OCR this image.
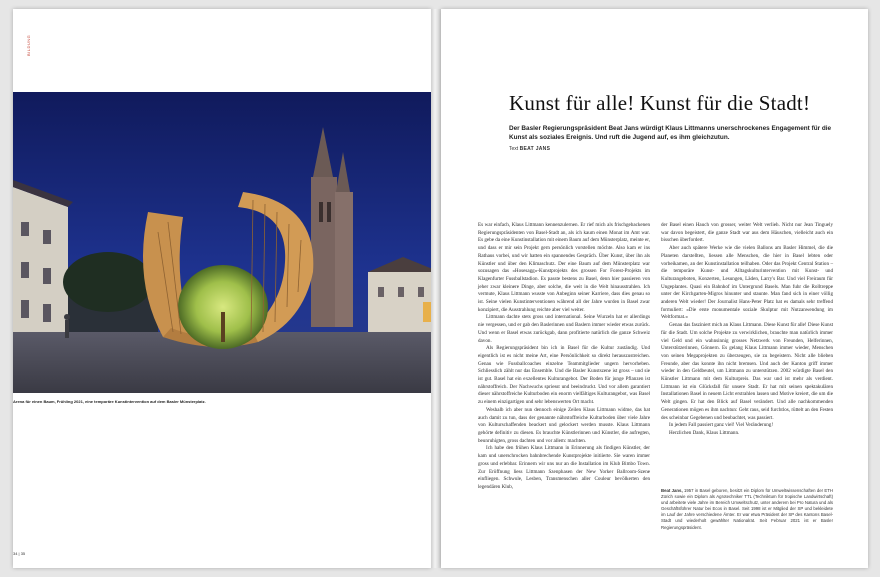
BILDUNG
Arena für einen Baum, Frühling 2021, eine temporäre Kunstintervention auf dem Basler Münsterplatz.
34 | 35
Kunst für alle! Kunst für die Stadt!
Der Basler Regierungspräsident Beat Jans würdigt Klaus Littmanns unerschrockenes Engagement für die Kunst als soziales Ereignis. Und ruft die Jugend auf, es ihm gleichzutun.
Text BEAT JANS

Es war einfach, Klaus Littmann kennenzulernen. Er rief mich als frischgebackenen Regierungspräsidenten von Basel-Stadt an, als ich kaum einen Monat im Amt war. Es gebe da eine Kunstinstallation mit einem Baum auf dem Münsterplatz, meinte er, und dass er mir sein Projekt gern persönlich vorstellen möchte. Also kam er ins Rathaus vorbei, und wir hatten ein spannendes Gespräch. Über Kunst, über ihn als Künstler und über den Klimaschutz. Der eine Baum auf dem Münsterplatz war sozusagen das «Hosesagg»-Kunstprojekts des grossen For Forest-Projekts im Klagenfurter Fussballstadion. Es passte bestens zu Basel, denn hier passieren von jeher zwar kleinere Dinge, aber solche, die weit in die Welt hinausstrahlen. Ich vermute, Klaus Littmann wusste von Anbeginn seiner Karriere, dass dies genau so ist. Seine vielen Kunstinterventionen während all der Jahre wurden in Basel zwar konzipiert, die Ausstrahlung reichte aber viel weiter.

Littmann dachte stets gross und international. Seine Wurzeln hat er allerdings nie vergessen, und er gab den Baslerinnen und Baslern immer wieder etwas zurück. Und wenn er Basel etwas zurückgab, dann profitierte natürlich die ganze Schweiz davon.

Als Regierungspräsident bin ich in Basel für die Kultur zuständig. Und eigentlich ist es nicht meine Art, eine Persönlichkeit so direkt herauszustreichen. Genau wie Fussballcoaches einzelne Teammitglieder ungern hervorheben. Schliesslich zählt nur das Ensemble. Und die Basler Kunstszene ist gross – und sie ist gut. Basel hat ein exzellentes Kulturangebot. Der Boden für junge Pflanzen ist nährstoffreich. Der Nachwuchs spriesst und beeindruckt. Und vor allem garantiert dieser nährstoffreiche Kulturboden ein enorm vielfältiges Kulturangebot, was Basel zu einem einzigartigen und sehr lebenswerten Ort macht.

Weshalb ich aber nun dennoch einige Zeilen Klaus Littmann widme, das hat auch damit zu tun, dass der genannte nährstoffreiche Kulturboden über viele Jahre von Kulturschaffenden beackert und gelockert werden musste. Klaus Littmann gehörte definitiv zu diesen. Es brauchte Künstlerinnen und Künstler, die aufregten, beunruhigten, gross dachten und vor allem: machten.

Ich habe den frühen Klaus Littmann in Erinnerung als findigen Künstler, der kam und unerschrocken bahnbrechende Kunstprojekte initiierte. Sie waren immer gross und erlebbar. Erinnern wir uns nur an die Installation im Klub Bimbo Town. Zur Eröffnung liess Littmann Szenphasen der New Yorker Ballroom-Szene einfliegen. Schwule, Lesben, Transmenschen aller Couleur bevölkerten den legendären Klub,

der Basel einen Hauch von grosser, weiter Welt verlieh. Nicht nur Jean Tinguely war davon begeistert, die ganze Stadt war aus dem Häuschen, vielleicht auch ein bisschen überfordert.

Aber auch spätere Werke wie die vielen Ballons am Basler Himmel, die die Planeten darstellten, liessen alle Menschen, die hier in Basel lebten oder vorbeikamen, an der Kunstinstallation teilhaben. Oder das Projekt Central Station – die temporäre Kunst- und Alltagskulturintervention mit Kunst- und Kulturangeboten, Konzerten, Lesungen, Läden, Larry's Bar. Und viel Freiraum für Ungeplantes. Quasi ein Bahnhof im Untergrund Basels. Man fuhr die Rolltreppe unter der Kirchgarten-Migros hinunter und staunte. Man fand sich in einer völlig anderen Welt wieder! Der Journalist Hans-Peter Platz hat es damals sehr treffend formuliert: «Die erste monumentale soziale Skulptur mit Nutzanwendung im Weltformat.»

Genau das fasziniert mich an Klaus Littmann. Diese Kunst für alle! Diese Kunst für die Stadt. Um solche Projekte zu verwirklichen, brauchte man natürlich immer viel Geld und ein wahnsinnig grosses Netzwerk von Freunden, Helferinnen, Unterstützerinnen, Gönnern. Es gelang Klaus Littmann immer wieder, Menschen von seinen Megaprojekten zu überzeugen, sie zu begeistern. Nicht alle blieben Freunde, aber das konnte ihn nicht bremsen. Und auch der Kanton griff immer wieder in den Geldbeutel, um Littmann zu unterstützen. 2002 würdigte Basel den Künstler Littmann mit dem Kulturpreis. Das war und ist mehr als verdient. Littmann ist ein Glücksfall für unsere Stadt. Er hat mit seinen spektakulären Installationen Basel in neuem Licht erstrahlen lassen und Motive kreiert, die um die Welt gingen. Er hat den Blick auf Basel verändert. Und alle nachkommenden Generationen mögen es ihm nachtun: Geht raus, seid furchtlos, rüttelt an den Festen des scheinbar Gegebenen und beobachtet, was passiert.

In jedem Fall passiert ganz viel! Viel Veränderung!

Herzlichen Dank, Klaus Littmann.

Beat Jans, 1957 in Basel geboren, besitzt ein Diplom für Umweltwissenschaften der ETH Zürich sowie ein Diplom als Agrotechniker TTL (Techniktum für tropische Landwirtschaft) und arbeitete viele Jahre im Bereich Umweltschutz, unter anderem bei Pro Natura und als Geschäftsführer Natur bei Ecos in Basel. Seit 1998 ist er Mitglied der SP und bekleidete im Lauf der Jahre verschiedene Ämter. Er war etwa Präsident der SP des Kantons Basel-Stadt und wiederholt gewählter Nationalrat. Seit Februar 2021 ist er Basler Regierungspräsident.
